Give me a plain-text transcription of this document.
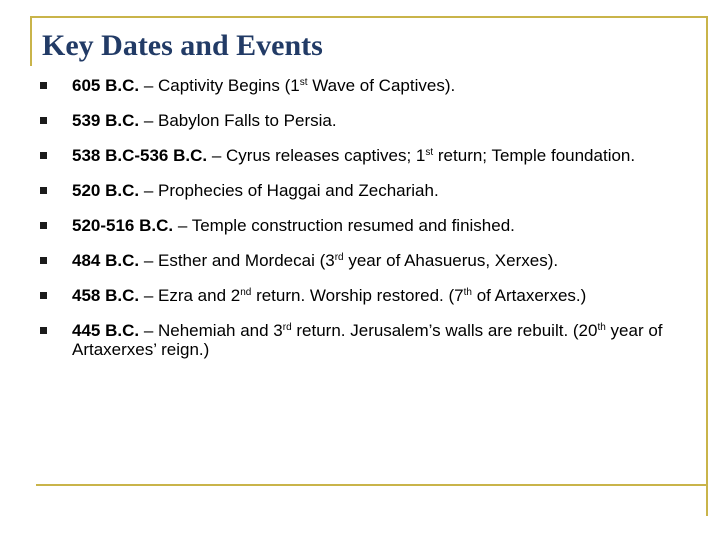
Key Dates and Events
605 B.C. – Captivity Begins (1st Wave of Captives).
539 B.C. – Babylon Falls to Persia.
538 B.C-536 B.C. – Cyrus releases captives; 1st return; Temple foundation.
520 B.C. – Prophecies of Haggai and Zechariah.
520-516 B.C. – Temple construction resumed and finished.
484 B.C. – Esther and Mordecai (3rd year of Ahasuerus, Xerxes).
458 B.C. – Ezra and 2nd return. Worship restored. (7th of Artaxerxes.)
445 B.C. – Nehemiah and 3rd return. Jerusalem’s walls are rebuilt. (20th year of Artaxerxes’ reign.)
